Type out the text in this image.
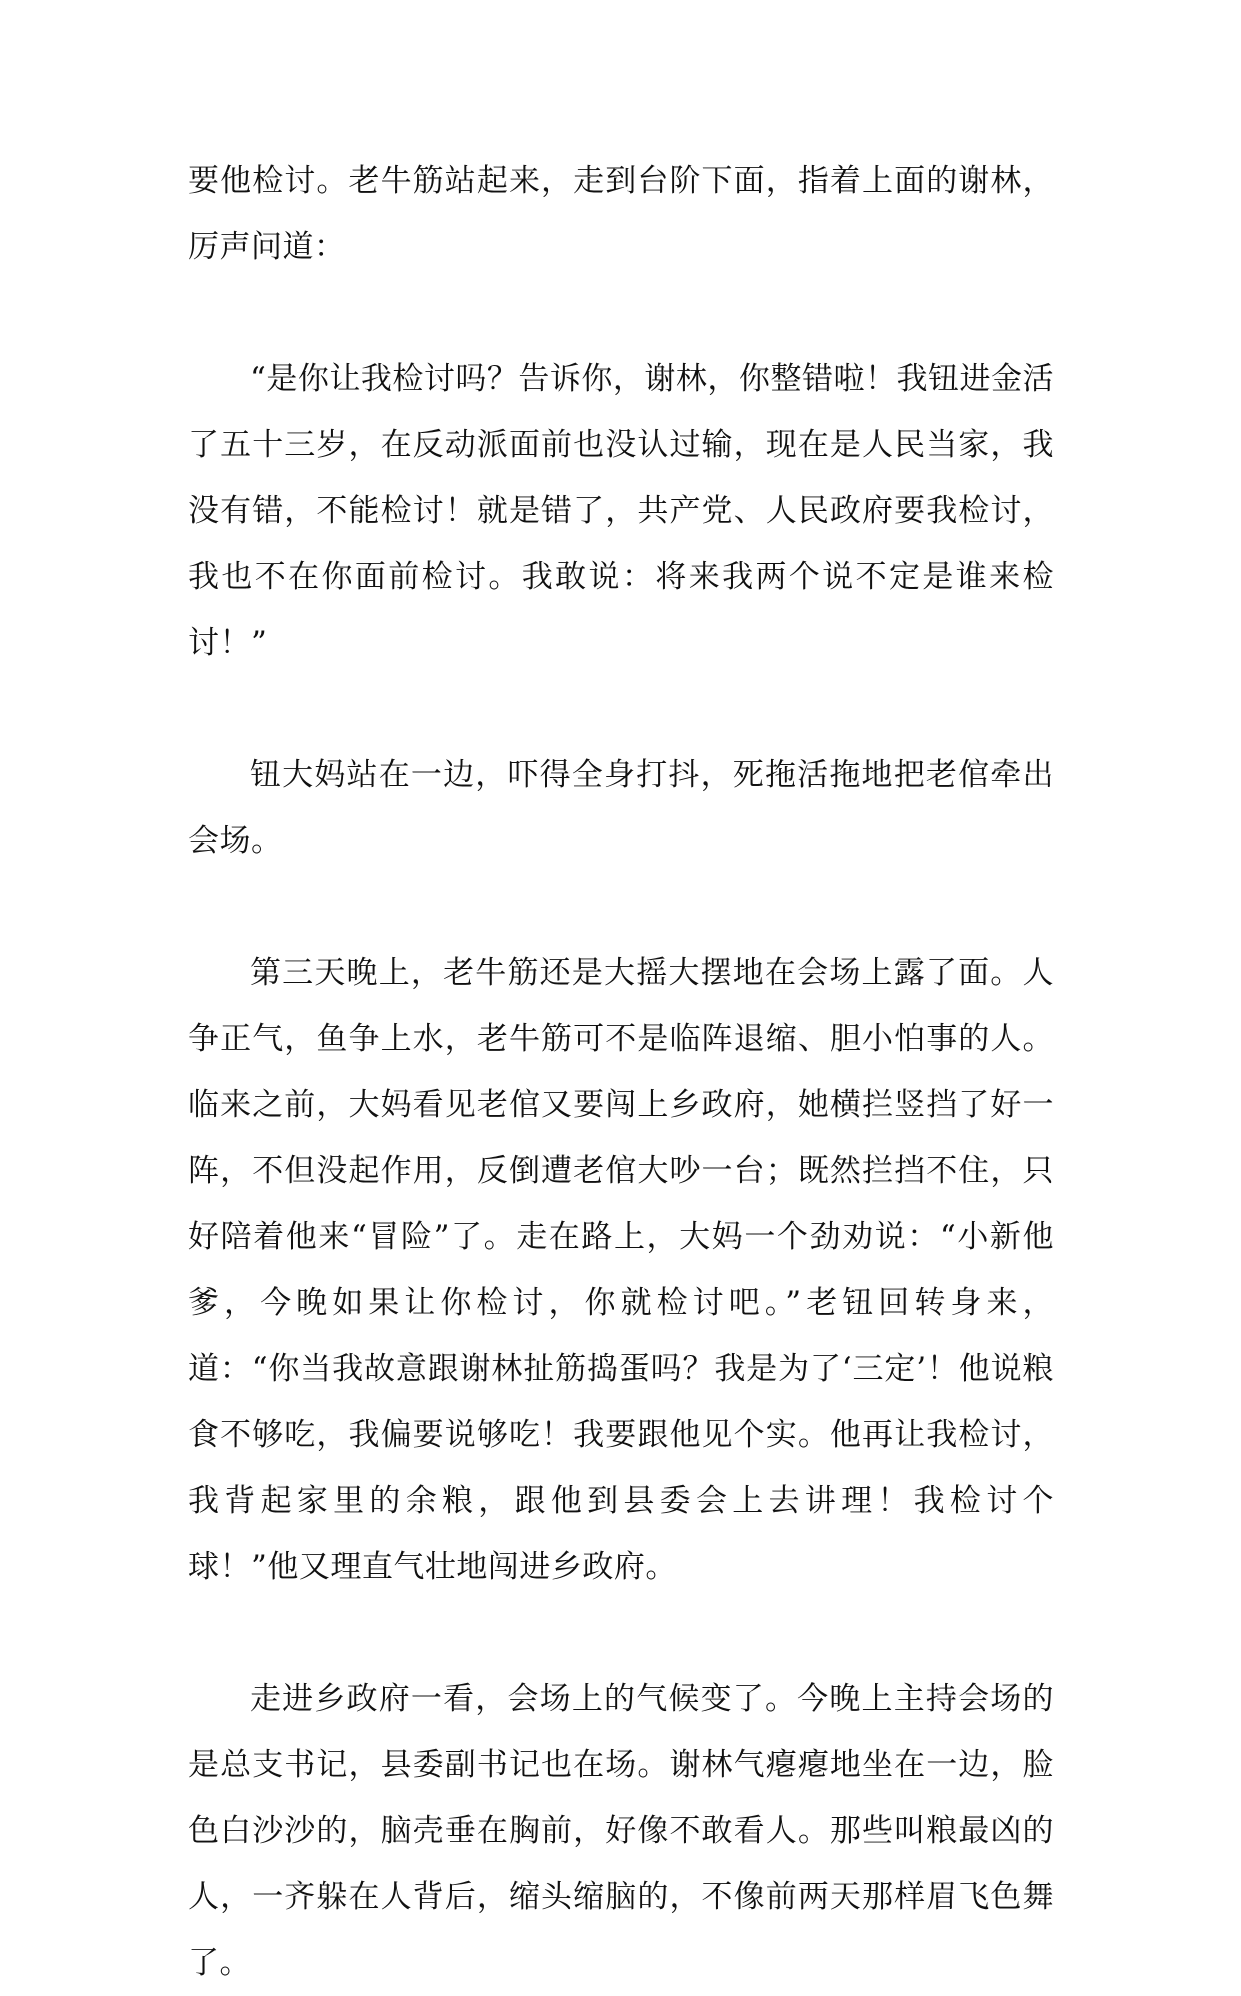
要他检讨。老牛筋站起来，走到台阶下面，指着上面的谢林，厉声问道：

“是你让我检讨吗？告诉你，谢林，你整错啦！我钮进金活了五十三岁，在反动派面前也没认过输，现在是人民当家，我没有错，不能检讨！就是错了，共产党、人民政府要我检讨，我也不在你面前检讨。我敢说：将来我两个说不定是谁来检讨！”

钮大妈站在一边，吓得全身打抖，死拖活拖地把老倌牵出会场。

第三天晚上，老牛筋还是大摇大摆地在会场上露了面。人争正气，鱼争上水，老牛筋可不是临阵退缩、胆小怕事的人。临来之前，大妈看见老倌又要闯上乡政府，她横拦竖挡了好一阵，不但没起作用，反倒遭老倌大吵一台；既然拦挡不住，只好陪着他来“冒险”了。走在路上，大妈一个劲劝说：“小新他爹，今晚如果让你检讨，你就检讨吧。”老钮回转身来，道：“你当我故意跟谢林扯筋捣蛋吗？我是为了‘三定’！他说粮食不够吃，我偏要说够吃！我要跟他见个实。他再让我检讨，我背起家里的余粮，跟他到县委会上去讲理！我检讨个球！”他又理直气壮地闯进乡政府。

走进乡政府一看，会场上的气候变了。今晚上主持会场的是总支书记，县委副书记也在场。谢林气瘪瘪地坐在一边，脸色白沙沙的，脑壳垂在胸前，好像不敢看人。那些叫粮最凶的人，一齐躲在人背后，缩头缩脑的，不像前两天那样眉飞色舞了。
